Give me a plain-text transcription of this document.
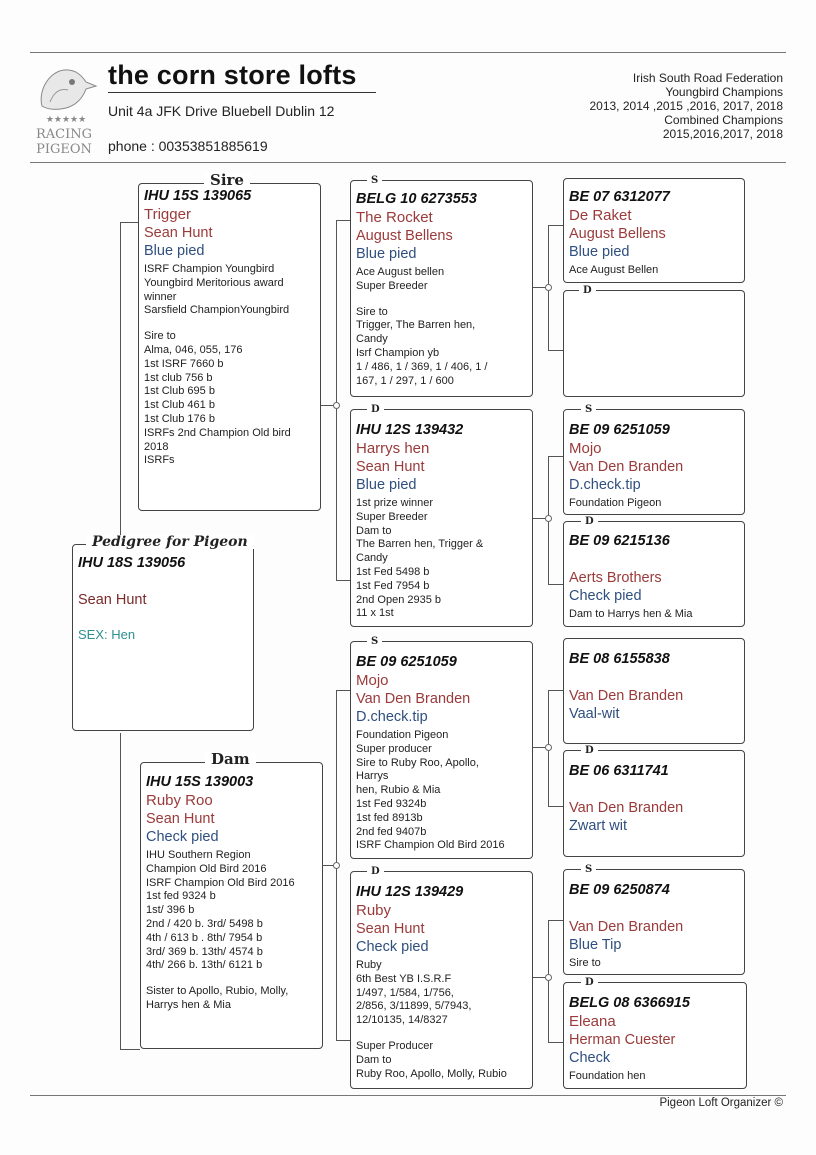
★★★★★
RACING
PIGEON
the corn store lofts
Unit 4a JFK Drive Bluebell Dublin 12
phone : 00353851885619
Irish South Road Federation
Youngbird Champions
2013, 2014 ,2015 ,2016, 2017, 2018
Combined Champions
2015,2016,2017, 2018
IHU 15S 139065
Trigger
Sean Hunt
Blue pied
ISRF Champion Youngbird
Youngbird Meritorious award
winner
Sarsfield ChampionYoungbird
Sire to
Alma, 046, 055, 176
1st ISRF 7660 b
1st club 756 b
1st Club 695 b
1st Club 461 b
1st Club 176 b
ISRFs 2nd Champion Old bird
2018
ISRFs
Sire
IHU 18S 139056
Sean Hunt
SEX: Hen
Pedigree for Pigeon
IHU 15S 139003
Ruby Roo
Sean Hunt
Check pied
IHU Southern Region
Champion Old Bird 2016
ISRF Champion Old Bird 2016
1st fed 9324 b
1st/ 396 b
2nd / 420 b. 3rd/ 5498 b
4th / 613 b . 8th/ 7954 b
3rd/ 369 b. 13th/ 4574 b
4th/ 266 b. 13th/ 6121 b
Sister to Apollo, Rubio, Molly,
Harrys hen & Mia
Dam
BELG 10 6273553
The Rocket
August Bellens
Blue pied
Ace August bellen
Super Breeder
Sire to
Trigger, The Barren hen,
Candy
Isrf Champion yb
1 / 486, 1 / 369, 1 / 406, 1 /
167, 1 / 297, 1 / 600
S
IHU 12S 139432
Harrys hen
Sean Hunt
Blue pied
1st prize winner
Super Breeder
Dam to
The Barren hen, Trigger &
Candy
1st Fed 5498 b
1st Fed 7954 b
2nd Open 2935 b
11 x 1st
D
BE 09 6251059
Mojo
Van Den Branden
D.check.tip
Foundation Pigeon
Super producer
Sire to Ruby Roo, Apollo,
Harrys
hen, Rubio & Mia
1st Fed 9324b
1st fed 8913b
2nd fed 9407b
ISRF Champion Old Bird 2016
S
IHU 12S 139429
Ruby
Sean Hunt
Check pied
Ruby
6th Best YB I.S.R.F
1/497, 1/584, 1/756,
2/856, 3/11899, 5/7943,
12/10135, 14/8327
Super Producer
Dam to
Ruby Roo, Apollo, Molly, Rubio
D
BE 07 6312077
De Raket
August Bellens
Blue pied
Ace August Bellen
D
BE 09 6251059
Mojo
Van Den Branden
D.check.tip
Foundation Pigeon
S
BE 09 6215136
Aerts Brothers
Check pied
Dam to Harrys hen & Mia
D
BE 08 6155838
Van Den Branden
Vaal-wit
BE 06 6311741
Van Den Branden
Zwart wit
D
BE 09 6250874
Van Den Branden
Blue Tip
Sire to
S
BELG 08 6366915
Eleana
Herman Cuester
Check
Foundation hen
D
Pigeon Loft Organizer ©
